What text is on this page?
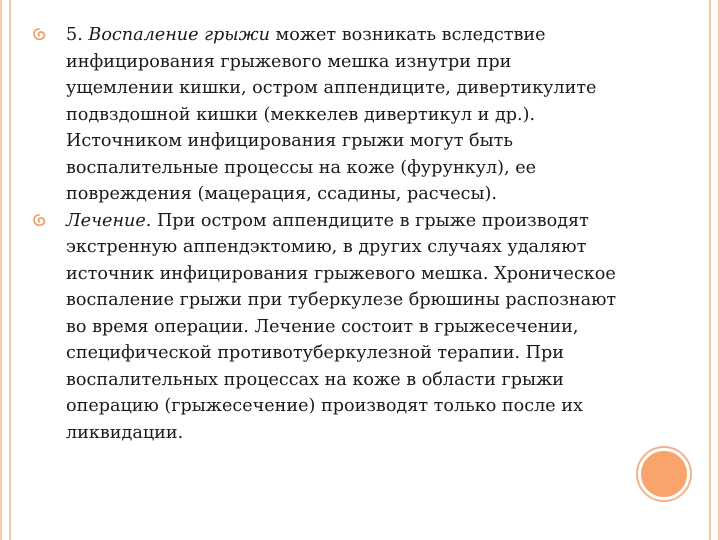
5. Воспаление грыжи может возникать вследствие инфицирования грыжевого мешка изнутри при ущемлении кишки, остром аппендиците, дивертикулите подвздошной кишки (меккелев дивертикул и др.). Источником инфицирования грыжи могут быть воспалительные процессы на коже (фурункул), ее повреждения (мацерация, ссадины, расчесы).
Лечение. При остром аппендиците в грыже производят экстренную аппендэктомию, в других случаях удаляют источник инфицирования грыжевого мешка. Хроническое воспаление грыжи при туберкулезе брюшины распознают во время операции. Лечение состоит в грыжесечении, специфической противотуберкулезной терапии. При воспалительных процессах на коже в области грыжи операцию (грыжесечение) производят только после их ликвидации.
